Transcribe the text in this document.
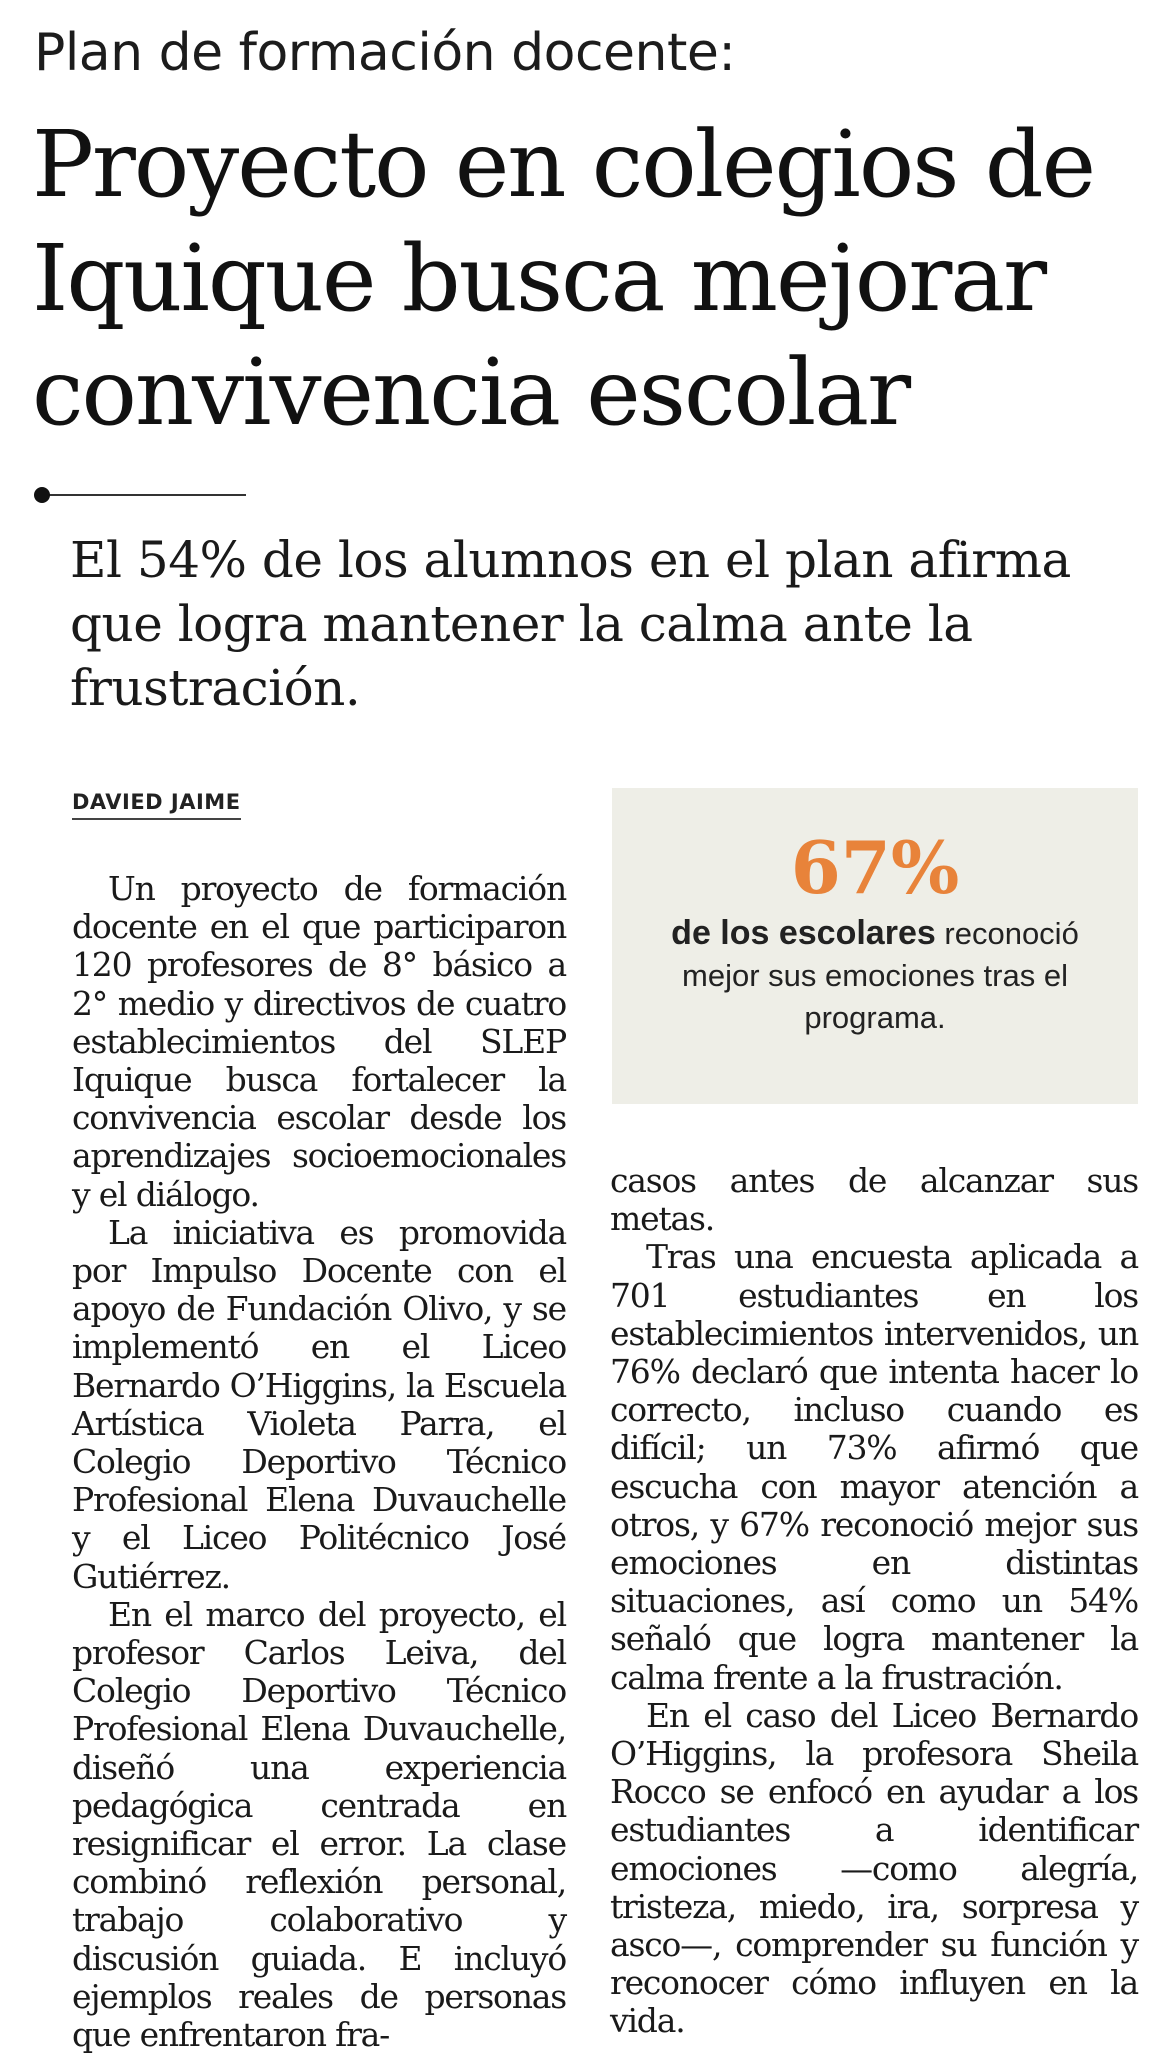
Plan de formación docente:
Proyecto en colegios de Iquique busca mejorar convivencia escolar
El 54% de los alumnos en el plan afirma que logra mantener la calma ante la frustración.
DAVIED JAIME

Un proyecto de formación docente en el que participaron 120 profesores de 8° básico a 2° medio y directivos de cuatro establecimientos del SLEP Iquique busca fortalecer la convivencia escolar desde los aprendizajes socioemocionales y el diálogo.

La iniciativa es promovida por Impulso Docente con el apoyo de Fundación Olivo, y se implementó en el Liceo Bernardo O’Higgins, la Escuela Artística Violeta Parra, el Colegio Deportivo Técnico Profesional Elena Duvauchelle y el Liceo Politécnico José Gutiérrez.

En el marco del proyecto, el profesor Carlos Leiva, del Colegio Deportivo Técnico Profesional Elena Duvauchelle, diseñó una experiencia pedagógica centrada en resignificar el error. La clase combinó reflexión personal, trabajo colaborativo y discusión guiada. E incluyó ejemplos reales de personas que enfrentaron fra-

67%
de los escolares reconoció mejor sus emociones tras el programa.

casos antes de alcanzar sus metas.

Tras una encuesta aplicada a 701 estudiantes en los establecimientos intervenidos, un 76% declaró que intenta hacer lo correcto, incluso cuando es difícil; un 73% afirmó que escucha con mayor atención a otros, y 67% reconoció mejor sus emociones en distintas situaciones, así como un 54% señaló que logra mantener la calma frente a la frustración.

En el caso del Liceo Bernardo O’Higgins, la profesora Sheila Rocco se enfocó en ayudar a los estudiantes a identificar emociones —como alegría, tristeza, miedo, ira, sorpresa y asco—, comprender su función y reconocer cómo influyen en la vida.
